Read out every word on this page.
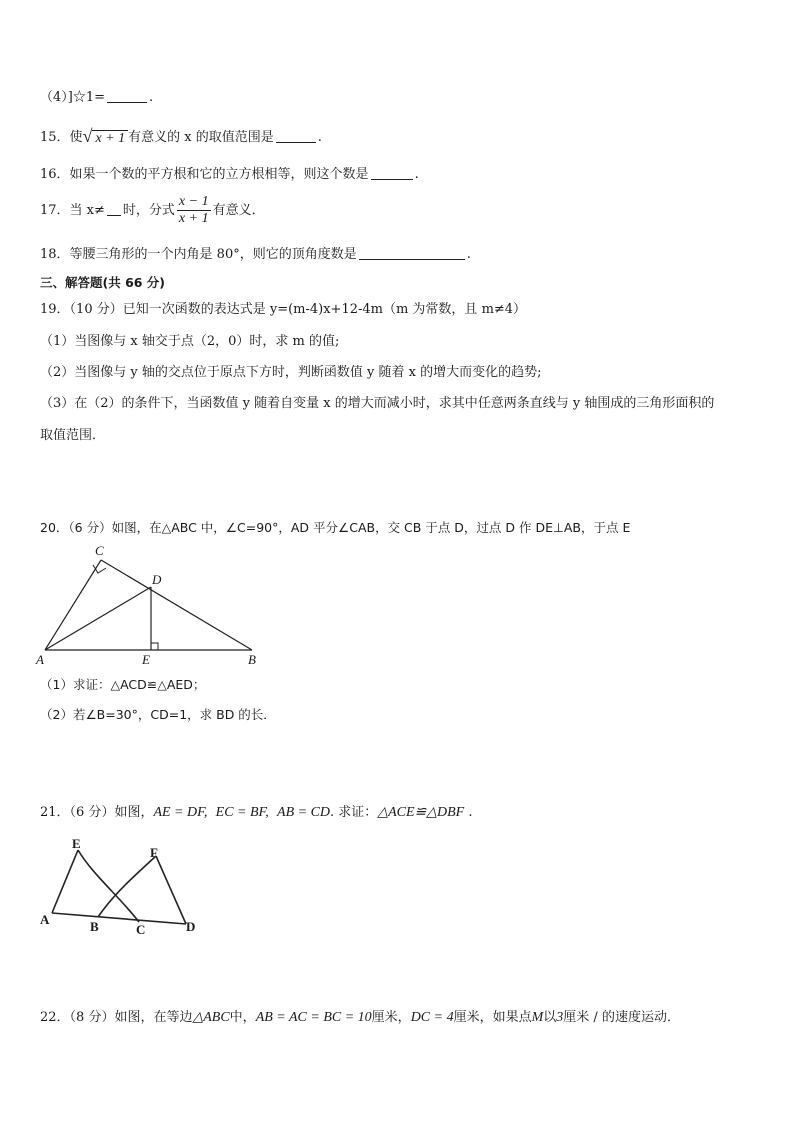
（4）]☆1=	.
15．使√ x + 1 有意义的 x 的取值范围是	.
16．如果一个数的平方根和它的立方根相等，则这个数是	.
17．当 x≠ 时，分式 $\frac{x - 1}{x + 1}$ 有意义．
18．等腰三角形的一个内角是 80°，则它的顶角度数是	.
三、解答题(共 66 分)
19．（10 分）已知一次函数的表达式是 y=(m-4)x+12-4m（m 为常数，且 m≠4）
（1）当图像与 x 轴交于点（2，0）时，求 m 的值;
（2）当图像与 y 轴的交点位于原点下方时，判断函数值 y 随着 x 的增大而变化的趋势;
（3）在（2）的条件下，当函数值 y 随着自变量 x 的增大而减小时，求其中任意两条直线与 y 轴围成的三角形面积的
取值范围．
20．（6 分）如图，在△ABC 中，∠C=90°，AD 平分∠CAB，交 CB 于点 D，过点 D 作 DE⊥AB，于点 E
C
D
A	E	B
（1）求证：△ACD≌△AED；
（2）若∠B=30°，CD=1，求 BD 的长．
21．（6 分）如图，AE = DF, EC = BF, AB = CD. 求证：△ACE≌△DBF .
E
F
A	B	C	D
22．（8 分）如图，在等边△ABC中，AB = AC = BC = 10厘米，DC = 4厘米，如果点M以3厘米 / 的速度运动．
